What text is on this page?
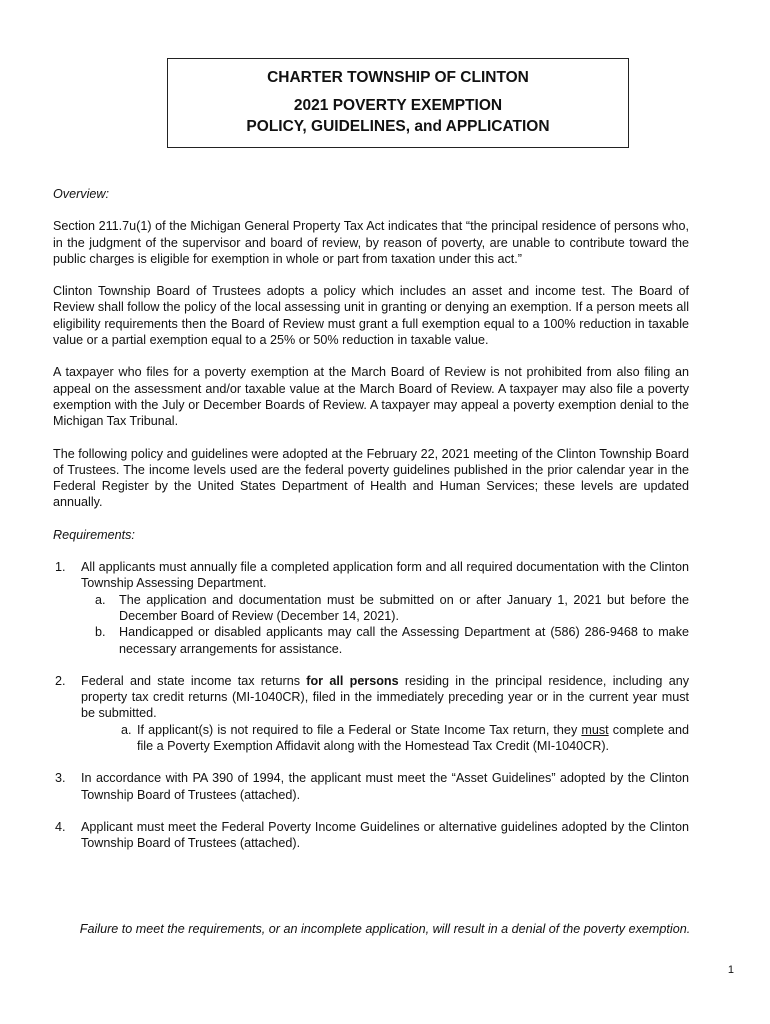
CHARTER TOWNSHIP OF CLINTON
2021 POVERTY EXEMPTION
POLICY, GUIDELINES, and APPLICATION

Overview:

Section 211.7u(1) of the Michigan General Property Tax Act indicates that “the principal residence of persons who, in the judgment of the supervisor and board of review, by reason of poverty, are unable to contribute toward the public charges is eligible for exemption in whole or part from taxation under this act.”

Clinton Township Board of Trustees adopts a policy which includes an asset and income test. The Board of Review shall follow the policy of the local assessing unit in granting or denying an exemption. If a person meets all eligibility requirements then the Board of Review must grant a full exemption equal to a 100% reduction in taxable value or a partial exemption equal to a 25% or 50% reduction in taxable value.

A taxpayer who files for a poverty exemption at the March Board of Review is not prohibited from also filing an appeal on the assessment and/or taxable value at the March Board of Review. A taxpayer may also file a poverty exemption with the July or December Boards of Review. A taxpayer may appeal a poverty exemption denial to the Michigan Tax Tribunal.

The following policy and guidelines were adopted at the February 22, 2021 meeting of the Clinton Township Board of Trustees. The income levels used are the federal poverty guidelines published in the prior calendar year in the Federal Register by the United States Department of Health and Human Services; these levels are updated annually.

Requirements:

1.	All applicants must annually file a completed application form and all required documentation with the Clinton Township Assessing Department.
a.	The application and documentation must be submitted on or after January 1, 2021 but before the December Board of Review (December 14, 2021).
b.	Handicapped or disabled applicants may call the Assessing Department at (586) 286-9468 to make necessary arrangements for assistance.
2.	Federal and state income tax returns for all persons residing in the principal residence, including any property tax credit returns (MI-1040CR), filed in the immediately preceding year or in the current year must be submitted.
a. If applicant(s) is not required to file a Federal or State Income Tax return, they must complete and file a Poverty Exemption Affidavit along with the Homestead Tax Credit (MI-1040CR).
3.	In accordance with PA 390 of 1994, the applicant must meet the “Asset Guidelines” adopted by the Clinton Township Board of Trustees (attached).
4.	Applicant must meet the Federal Poverty Income Guidelines or alternative guidelines adopted by the Clinton Township Board of Trustees (attached).
Failure to meet the requirements, or an incomplete application, will result in a denial of the poverty exemption.
1
